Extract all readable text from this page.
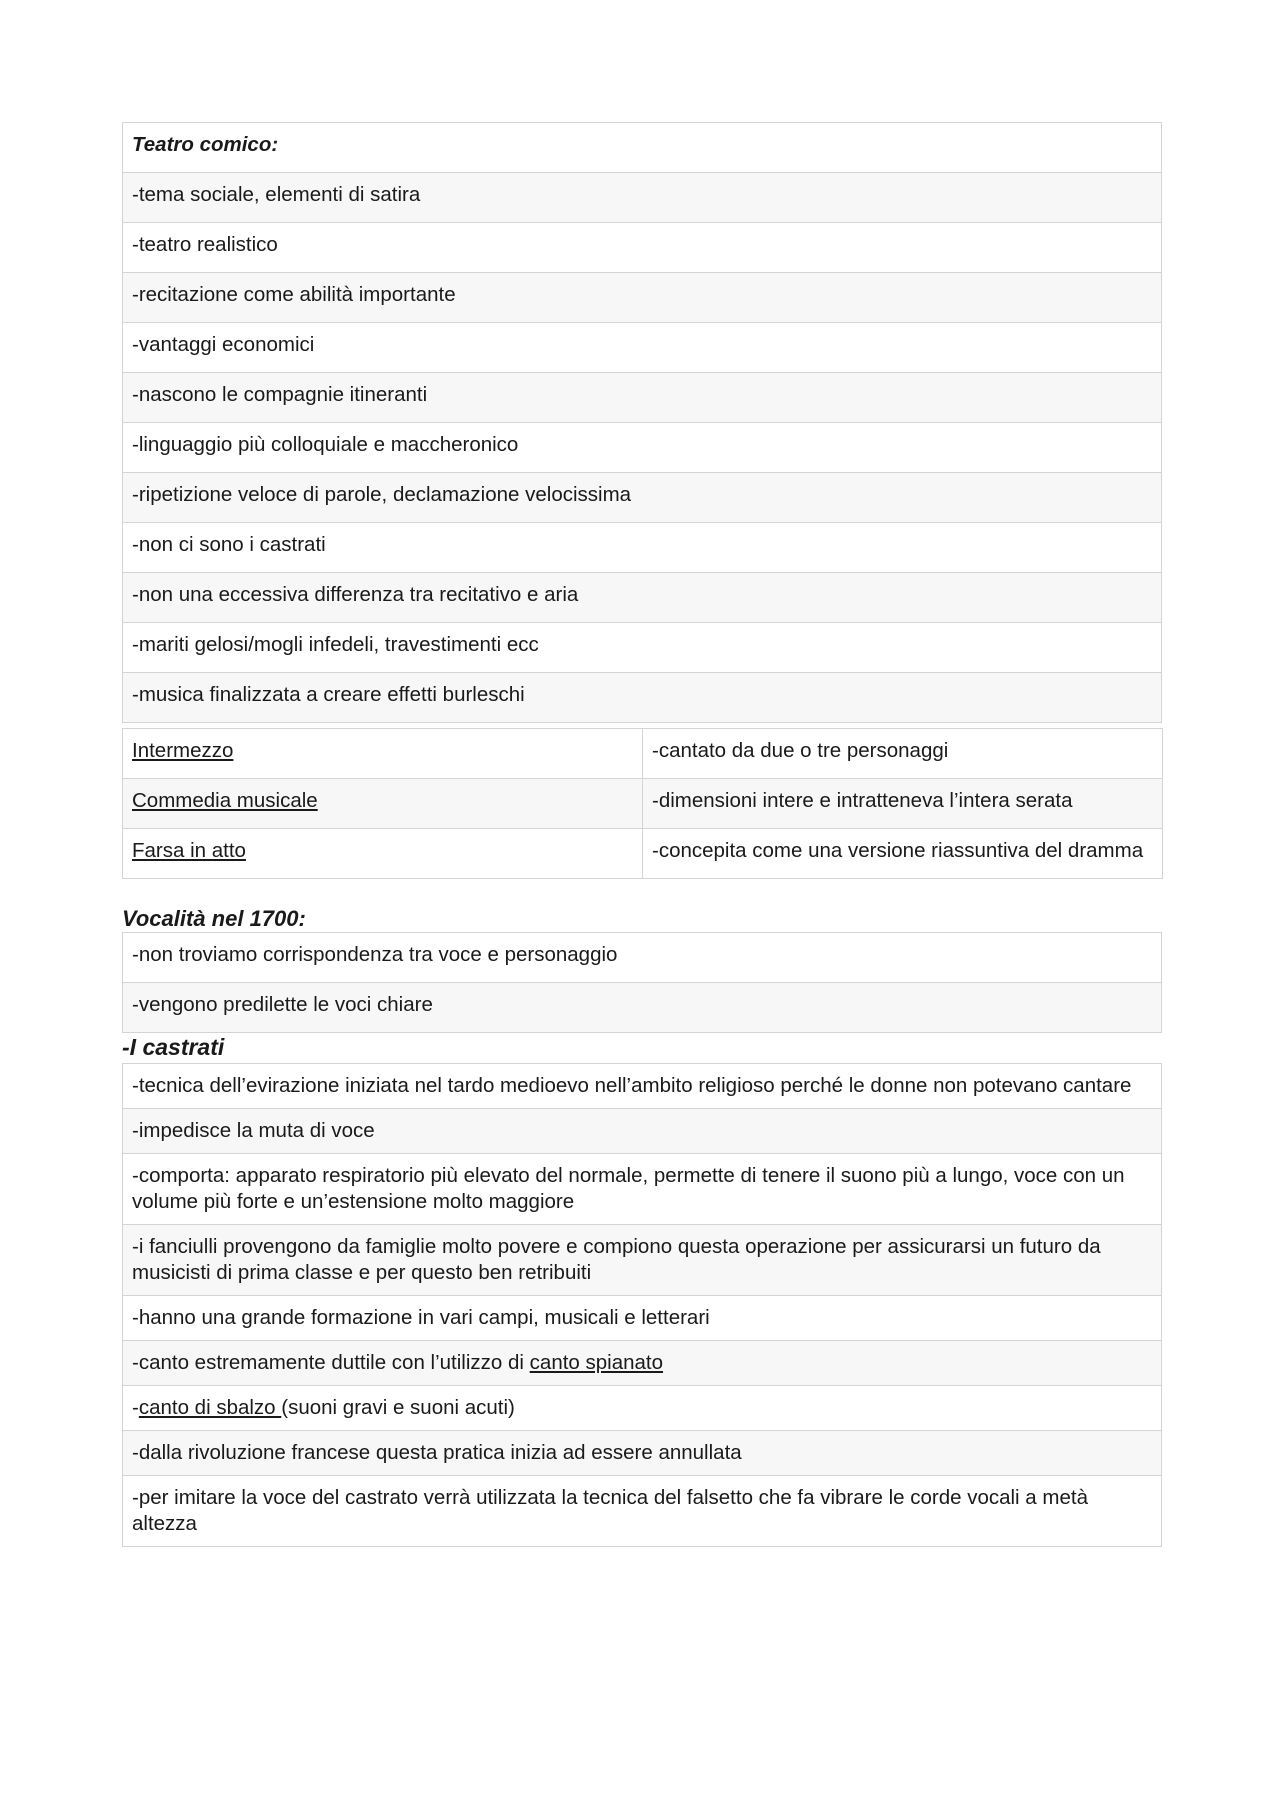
Teatro comico:
-tema sociale, elementi di satira
-teatro realistico
-recitazione come abilità importante
-vantaggi economici
-nascono le compagnie itineranti
-linguaggio più colloquiale e maccheronico
-ripetizione veloce di parole, declamazione velocissima
-non ci sono i castrati
-non una eccessiva differenza tra recitativo e aria
-mariti gelosi/mogli infedeli, travestimenti ecc
-musica finalizzata a creare effetti burleschi
Intermezzo	-cantato da due o tre personaggi
Commedia musicale	-dimensioni intere e intratteneva l’intera serata
Farsa in atto	-concepita come una versione riassuntiva del dramma
Vocalità nel 1700:
-non troviamo corrispondenza tra voce e personaggio
-vengono predilette le voci chiare
-I castrati
-tecnica dell’evirazione iniziata nel tardo medioevo nell’ambito religioso perché le donne non potevano cantare
-impedisce la muta di voce
-comporta: apparato respiratorio più elevato del normale, permette di tenere il suono più a lungo, voce con un volume più forte e un’estensione molto maggiore
-i fanciulli provengono da famiglie molto povere e compiono questa operazione per assicurarsi un futuro da musicisti di prima classe e per questo ben retribuiti
-hanno una grande formazione in vari campi, musicali e letterari
-canto estremamente duttile con l’utilizzo di canto spianato
-canto di sbalzo (suoni gravi e suoni acuti)
-dalla rivoluzione francese questa pratica inizia ad essere annullata
-per imitare la voce del castrato verrà utilizzata la tecnica del falsetto che fa vibrare le corde vocali a metà altezza
